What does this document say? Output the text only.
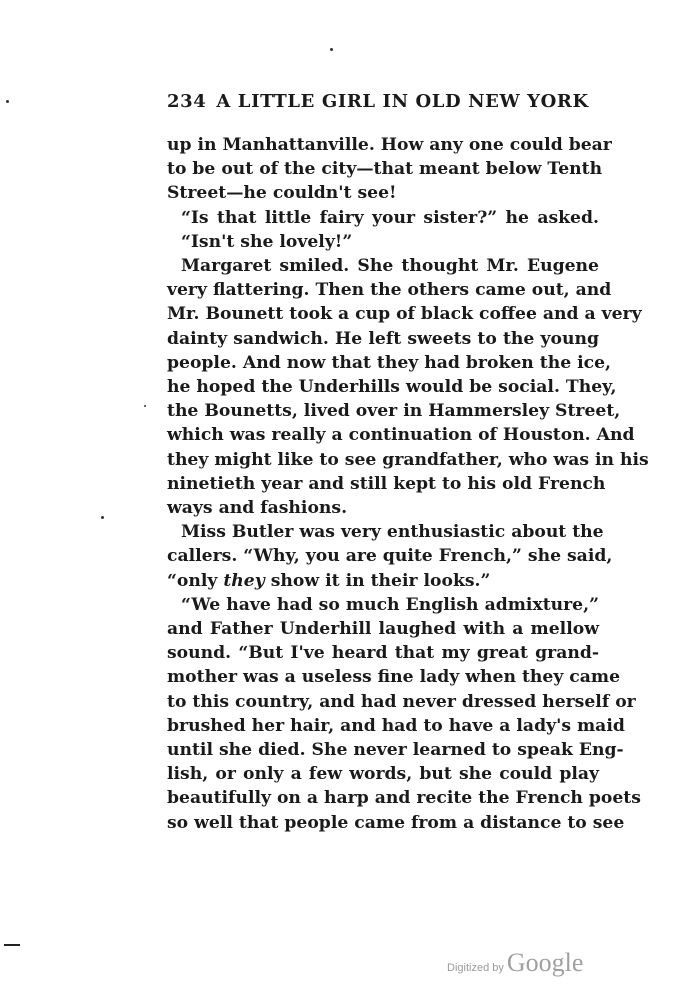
234 A LITTLE GIRL IN OLD NEW YORK
up in Manhattanville. How any one could bear
to be out of the city—that meant below Tenth
Street—he couldn't see!
“Is that little fairy your sister?” he asked.
“Isn't she lovely!”
Margaret smiled. She thought Mr. Eugene
very flattering. Then the others came out, and
Mr. Bounett took a cup of black coffee and a very
dainty sandwich. He left sweets to the young
people. And now that they had broken the ice,
he hoped the Underhills would be social. They,
the Bounetts, lived over in Hammersley Street,
which was really a continuation of Houston. And
they might like to see grandfather, who was in his
ninetieth year and still kept to his old French
ways and fashions.
Miss Butler was very enthusiastic about the
callers. “Why, you are quite French,” she said,
“only they show it in their looks.”
“We have had so much English admixture,”
and Father Underhill laughed with a mellow
sound. “But I've heard that my great grand-
mother was a useless fine lady when they came
to this country, and had never dressed herself or
brushed her hair, and had to have a lady's maid
until she died. She never learned to speak Eng-
lish, or only a few words, but she could play
beautifully on a harp and recite the French poets
so well that people came from a distance to see
Digitized by Google
